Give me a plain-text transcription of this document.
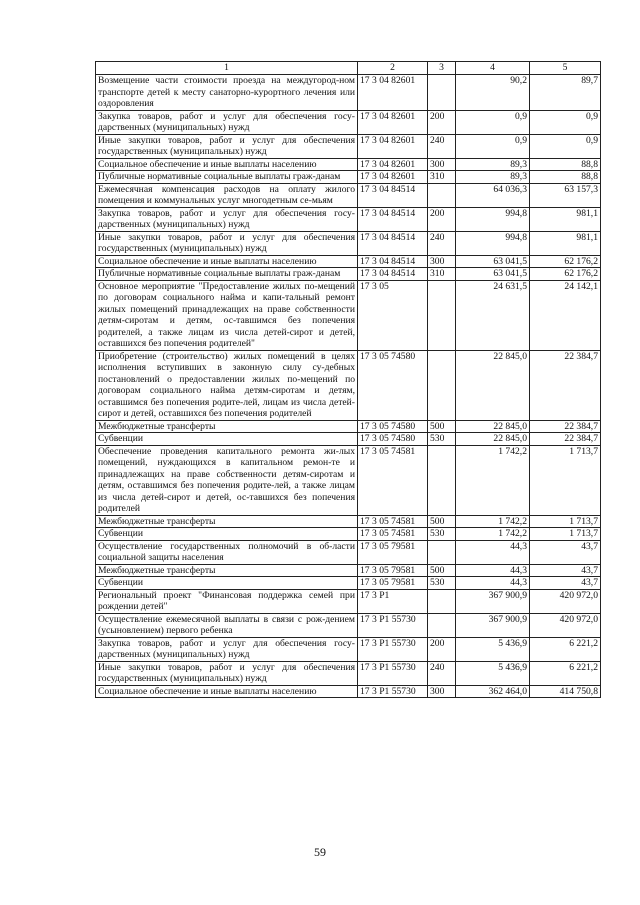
1	2	3	4	5
Возмещение части стоимости проезда на междугород-ном транспорте детей к месту санаторно-курортного лечения или оздоровления	17 3 04 82601		90,2	89,7
Закупка товаров, работ и услуг для обеспечения госу-дарственных (муниципальных) нужд	17 3 04 82601	200	0,9	0,9
Иные закупки товаров, работ и услуг для обеспечения государственных (муниципальных) нужд	17 3 04 82601	240	0,9	0,9
Социальное обеспечение и иные выплаты населению	17 3 04 82601	300	89,3	88,8
Публичные нормативные социальные выплаты граж-данам	17 3 04 82601	310	89,3	88,8
Ежемесячная компенсация расходов на оплату жилого помещения и коммунальных услуг многодетным се-мьям	17 3 04 84514		64 036,3	63 157,3
Закупка товаров, работ и услуг для обеспечения госу-дарственных (муниципальных) нужд	17 3 04 84514	200	994,8	981,1
Иные закупки товаров, работ и услуг для обеспечения государственных (муниципальных) нужд	17 3 04 84514	240	994,8	981,1
Социальное обеспечение и иные выплаты населению	17 3 04 84514	300	63 041,5	62 176,2
Публичные нормативные социальные выплаты граж-данам	17 3 04 84514	310	63 041,5	62 176,2
Основное мероприятие "Предоставление жилых по-мещений по договорам социального найма и капи-тальный ремонт жилых помещений принадлежащих на праве собственности детям-сиротам и детям, ос-тавшимся без попечения родителей, а также лицам из числа детей-сирот и детей, оставшихся без попечения родителей"	17 3 05		24 631,5	24 142,1
Приобретение (строительство) жилых помещений в целях исполнения вступивших в законную силу су-дебных постановлений о предоставлении жилых по-мещений по договорам социального найма детям-сиротам и детям, оставшимся без попечения родите-лей, лицам из числа детей-сирот и детей, оставшихся без попечения родителей	17 3 05 74580		22 845,0	22 384,7
Межбюджетные трансферты	17 3 05 74580	500	22 845,0	22 384,7
Субвенции	17 3 05 74580	530	22 845,0	22 384,7
Обеспечение проведения капитального ремонта жи-лых помещений, нуждающихся в капитальном ремон-те и принадлежащих на праве собственности детям-сиротам и детям, оставшимся без попечения родите-лей, а также лицам из числа детей-сирот и детей, ос-тавшихся без попечения родителей	17 3 05 74581		1 742,2	1 713,7
Межбюджетные трансферты	17 3 05 74581	500	1 742,2	1 713,7
Субвенции	17 3 05 74581	530	1 742,2	1 713,7
Осуществление государственных полномочий в об-ласти социальной защиты населения	17 3 05 79581		44,3	43,7
Межбюджетные трансферты	17 3 05 79581	500	44,3	43,7
Субвенции	17 3 05 79581	530	44,3	43,7
Региональный проект "Финансовая поддержка семей при рождении детей"	17 3 P1		367 900,9	420 972,0
Осуществление ежемесячной выплаты в связи с рож-дением (усыновлением) первого ребенка	17 3 P1 55730		367 900,9	420 972,0
Закупка товаров, работ и услуг для обеспечения госу-дарственных (муниципальных) нужд	17 3 P1 55730	200	5 436,9	6 221,2
Иные закупки товаров, работ и услуг для обеспечения государственных (муниципальных) нужд	17 3 P1 55730	240	5 436,9	6 221,2
Социальное обеспечение и иные выплаты населению	17 3 P1 55730	300	362 464,0	414 750,8
59
